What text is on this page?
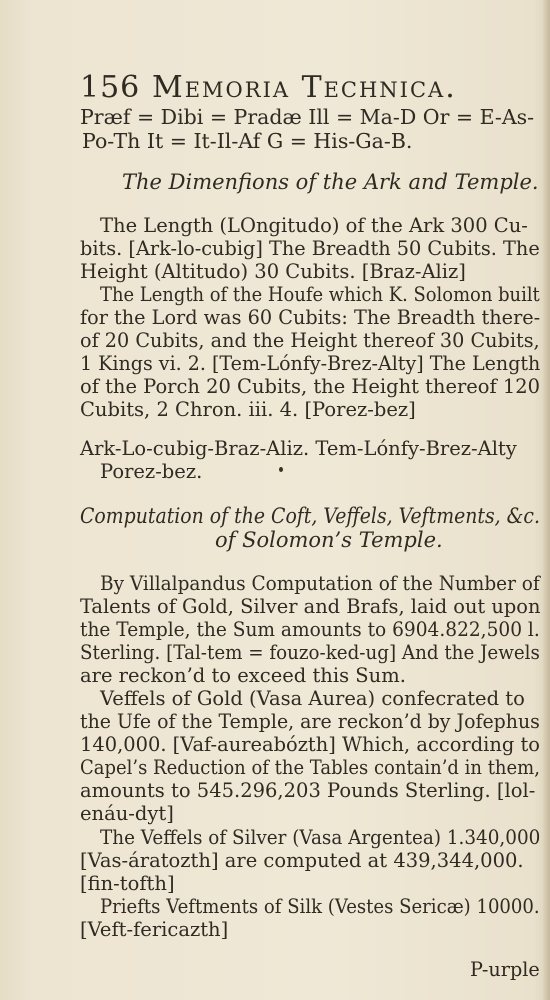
156 Memoria Technica.
Præf = Dibi = Pradæ Ill = Ma-D Or = E-As-
Po-Th It = It-Il-Af G = His-Ga-B.
The Dimenfions of the Ark and Temple.
The Length (LOngitudo) of the Ark 300 Cu-
bits. [Ark-lo-cubig] The Breadth 50 Cubits. The
Height (Altitudo) 30 Cubits. [Braz-Aliz]
The Length of the Houfe which K. Solomon built
for the Lord was 60 Cubits: The Breadth there-
of 20 Cubits, and the Height thereof 30 Cubits,
1 Kings vi. 2. [Tem-Lónfy-Brez-Alty] The Length
of the Porch 20 Cubits, the Height thereof 120
Cubits, 2 Chron. iii. 4. [Porez-bez]
Ark-Lo-cubig-Braz-Aliz. Tem-Lónfy-Brez-Alty
Porez-bez.
Computation of the Coft, Veffels, Veftments, &c.
of Solomon’s Temple.
By Villalpandus Computation of the Number of
Talents of Gold, Silver and Brafs, laid out upon
the Temple, the Sum amounts to 6904.822,500 l.
Sterling. [Tal-tem = fouzo-ked-ug] And the Jewels
are reckon’d to exceed this Sum.
Veffels of Gold (Vasa Aurea) confecrated to
the Ufe of the Temple, are reckon’d by Jofephus
140,000. [Vaf-aureabózth] Which, according to
Capel’s Reduction of the Tables contain’d in them,
amounts to 545.296,203 Pounds Sterling. [lol-
enáu-dyt]
The Veffels of Silver (Vasa Argentea) 1.340,000
[Vas-áratozth] are computed at 439,344,000.
[fin-tofth]
Priefts Veftments of Silk (Vestes Sericæ) 10000.
[Veft-fericazth]
P-urple
